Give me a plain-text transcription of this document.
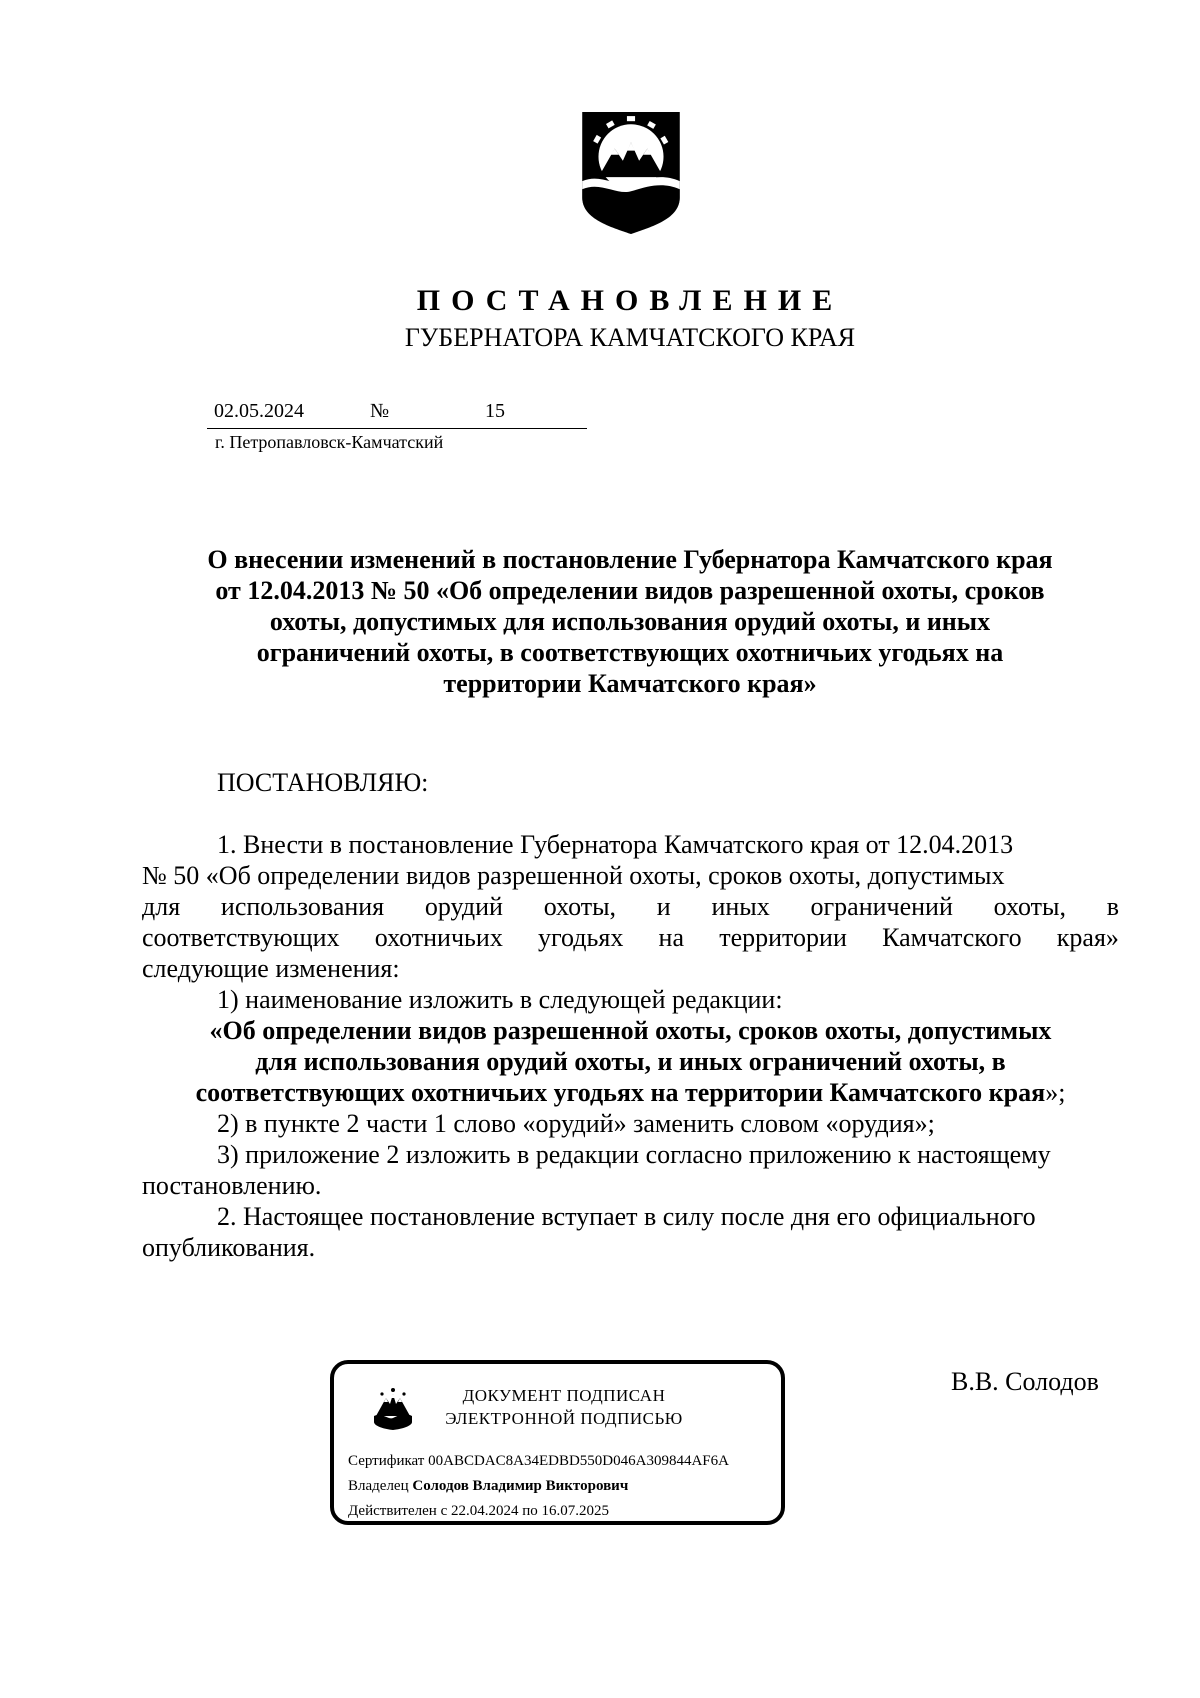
ПОСТАНОВЛЕНИЕ
ГУБЕРНАТОРА КАМЧАТСКОГО КРАЯ
02.05.2024	№	15
г. Петропавловск-Камчатский
О внесении изменений в постановление Губернатора Камчатского края
от 12.04.2013 № 50 «Об определении видов разрешенной охоты, сроков
охоты, допустимых для использования орудий охоты, и иных
ограничений охоты, в соответствующих охотничьих угодьях на
территории Камчатского края»
ПОСТАНОВЛЯЮ:
1. Внести в постановление Губернатора Камчатского края от 12.04.2013
№ 50 «Об определении видов разрешенной охоты, сроков охоты, допустимых
для использования орудий охоты, и иных ограничений охоты, в
соответствующих охотничьих угодьях на территории Камчатского края»
следующие изменения:
1) наименование изложить в следующей редакции:
«Об определении видов разрешенной охоты, сроков охоты, допустимых
для использования орудий охоты, и иных ограничений охоты, в
соответствующих охотничьих угодьях на территории Камчатского края»;
2) в пункте 2 части 1 слово «орудий» заменить словом «орудия»;
3) приложение 2 изложить в редакции согласно приложению к настоящему
постановлению.
2. Настоящее постановление вступает в силу после дня его официального
опубликования.
В.В. Солодов
ДОКУМЕНТ ПОДПИСАН
ЭЛЕКТРОННОЙ ПОДПИСЬЮ
Сертификат 00ABCDAC8A34EDBD550D046A309844AF6A
Владелец Солодов Владимир Викторович
Действителен с 22.04.2024 по 16.07.2025
